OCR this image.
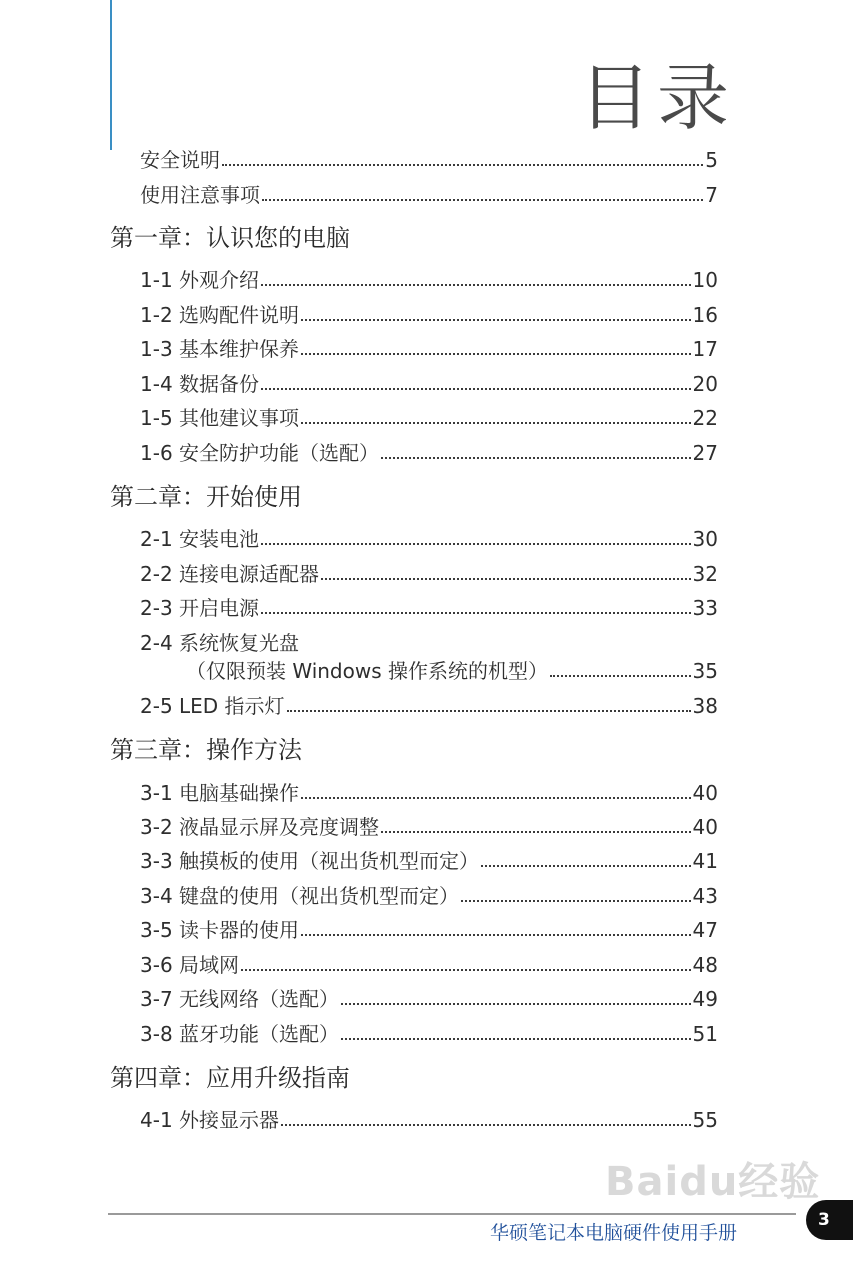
目录
安全说明	5
使用注意事项	7
第一章：认识您的电脑
1-1 外观介绍	10
1-2 选购配件说明	16
1-3 基本维护保养	17
1-4 数据备份	20
1-5 其他建议事项	22
1-6 安全防护功能（选配）	27
第二章：开始使用
2-1 安装电池	30
2-2 连接电源适配器	32
2-3 开启电源	33
2-4 系统恢复光盘
（仅限预装 Windows 操作系统的机型）	35
2-5 LED 指示灯	38
第三章：操作方法
3-1 电脑基础操作	40
3-2 液晶显示屏及亮度调整	40
3-3 触摸板的使用（视出货机型而定）	41
3-4 键盘的使用（视出货机型而定）	43
3-5 读卡器的使用	47
3-6 局域网	48
3-7 无线网络（选配）	49
3-8 蓝牙功能（选配）	51
第四章：应用升级指南
4-1 外接显示器	55
Baidu经验
华硕笔记本电脑硬件使用手册
3
